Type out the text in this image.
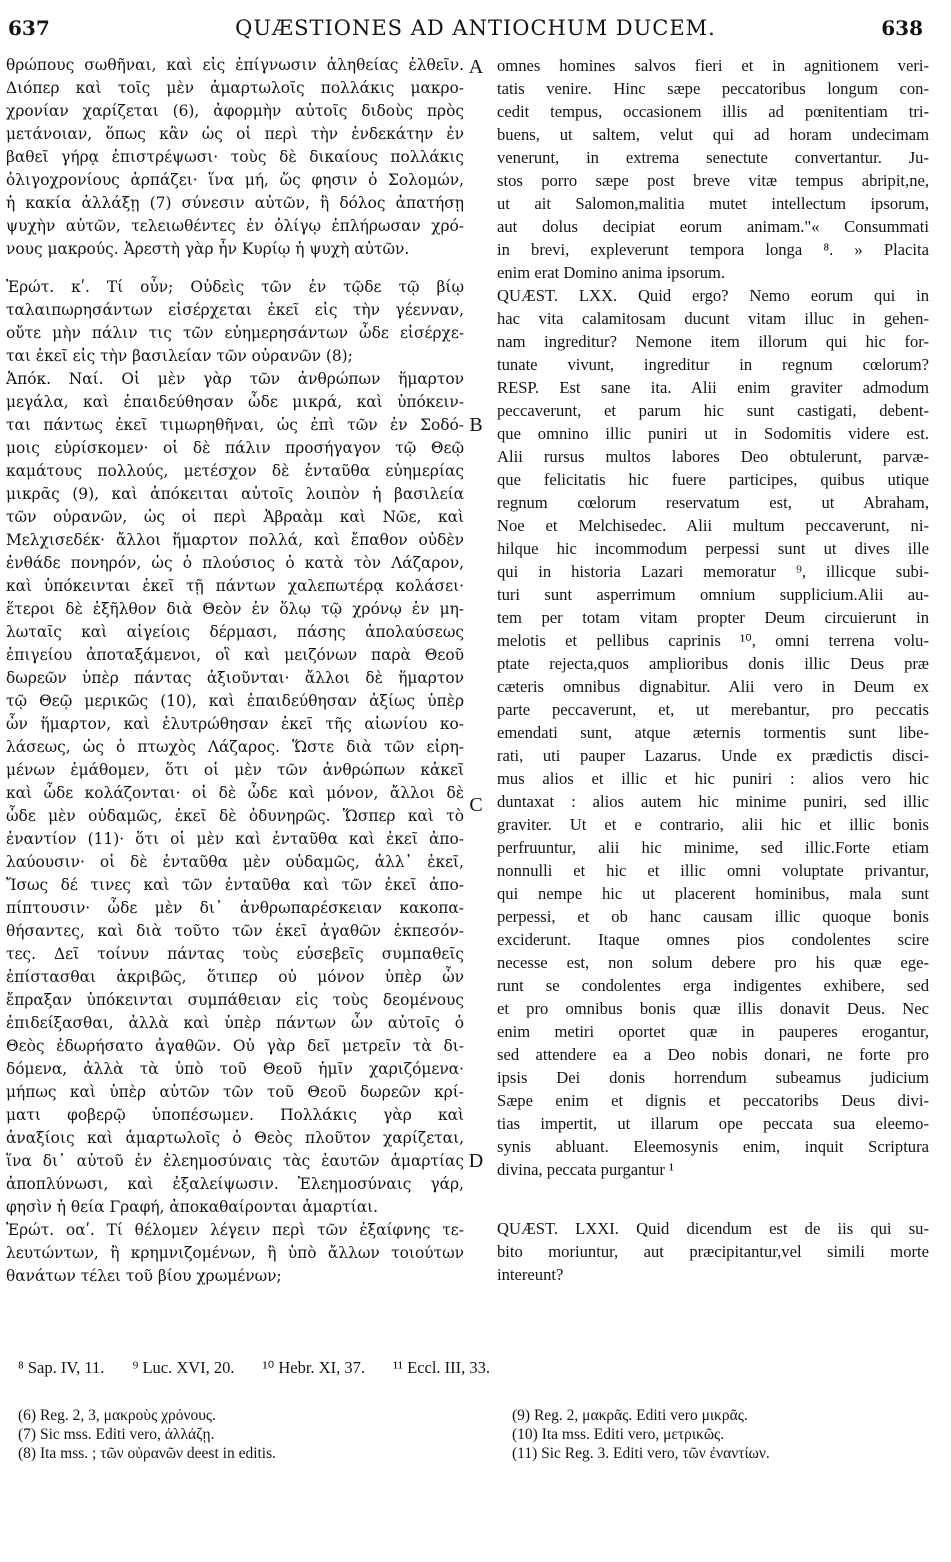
637	QUÆSTIONES AD ANTIOCHUM DUCEM.	638
θρώπους σωθῆναι, καὶ εἰς ἐπίγνωσιν ἀληθείας ἐλθεῖν.
Διόπερ καὶ τοῖς μὲν ἁμαρτωλοῖς πολλάκις μακρο-
χρονίαν χαρίζεται (6), ἀφορμὴν αὐτοῖς διδοὺς πρὸς
μετάνοιαν, ὅπως κἂν ὡς οἱ περὶ τὴν ἑνδεκάτην ἐν
βαθεῖ γήρᾳ ἐπιστρέψωσι· τοὺς δὲ δικαίους πολλάκις
ὀλιγοχρονίους ἁρπάζει· ἵνα μή, ὥς φησιν ὁ Σολομών,
ἡ κακία ἀλλάξῃ (7) σύνεσιν αὐτῶν, ἢ δόλος ἀπατήσῃ
ψυχὴν αὐτῶν, τελειωθέντες ἐν ὀλίγῳ ἐπλήρωσαν χρό-
νους μακρούς. Ἀρεστὴ γὰρ ἦν Κυρίῳ ἡ ψυχὴ αὐτῶν.
Ἐρώτ. κʹ. Τί οὖν; Οὐδεὶς τῶν ἐν τῷδε τῷ βίῳ
ταλαιπωρησάντων εἰσέρχεται ἐκεῖ εἰς τὴν γέενναν,
οὔτε μὴν πάλιν τις τῶν εὐημερησάντων ὧδε εἰσέρχε-
ται ἐκεῖ εἰς τὴν βασιλείαν τῶν οὐρανῶν (8);
Ἀπόκ. Ναί. Οἱ μὲν γὰρ τῶν ἀνθρώπων ἥμαρτον
μεγάλα, καὶ ἐπαιδεύθησαν ὧδε μικρά, καὶ ὑπόκειν-
ται πάντως ἐκεῖ τιμωρηθῆναι, ὡς ἐπὶ τῶν ἐν Σοδό-
μοις εὑρίσκομεν· οἱ δὲ πάλιν προσήγαγον τῷ Θεῷ
καμάτους πολλούς, μετέσχον δὲ ἐνταῦθα εὐημερίας
μικρᾶς (9), καὶ ἀπόκειται αὐτοῖς λοιπὸν ἡ βασιλεία
τῶν οὐρανῶν, ὡς οἱ περὶ Ἀβραὰμ καὶ Νῶε, καὶ
Μελχισεδέκ· ἄλλοι ἥμαρτον πολλά, καὶ ἔπαθον οὐδὲν
ἐνθάδε πονηρόν, ὡς ὁ πλούσιος ὁ κατὰ τὸν Λάζαρον,
καὶ ὑπόκεινται ἐκεῖ τῇ πάντων χαλεπωτέρᾳ κολάσει·
ἕτεροι δὲ ἐξῆλθον διὰ Θεὸν ἐν ὅλῳ τῷ χρόνῳ ἐν μη-
λωταῖς καὶ αἰγείοις δέρμασι, πάσης ἀπολαύσεως
ἐπιγείου ἀποταξάμενοι, οἳ καὶ μειζόνων παρὰ Θεοῦ
δωρεῶν ὑπὲρ πάντας ἀξιοῦνται· ἄλλοι δὲ ἥμαρτον
τῷ Θεῷ μερικῶς (10), καὶ ἐπαιδεύθησαν ἀξίως ὑπὲρ
ὧν ἥμαρτον, καὶ ἐλυτρώθησαν ἐκεῖ τῆς αἰωνίου κο-
λάσεως, ὡς ὁ πτωχὸς Λάζαρος. Ὥστε διὰ τῶν εἰρη-
μένων ἐμάθομεν, ὅτι οἱ μὲν τῶν ἀνθρώπων κἀκεῖ
καὶ ὧδε κολάζονται· οἱ δὲ ὧδε καὶ μόνον, ἄλλοι δὲ
ὧδε μὲν οὐδαμῶς, ἐκεῖ δὲ ὀδυνηρῶς. Ὥσπερ καὶ τὸ
ἐναντίον (11)· ὅτι οἱ μὲν καὶ ἐνταῦθα καὶ ἐκεῖ ἀπο-
λαύουσιν· οἱ δὲ ἐνταῦθα μὲν οὐδαμῶς, ἀλλ᾽ ἐκεῖ,
Ἴσως δέ τινες καὶ τῶν ἐνταῦθα καὶ τῶν ἐκεῖ ἀπο-
πίπτουσιν· ὧδε μὲν δι᾽ ἀνθρωπαρέσκειαν κακοπα-
θήσαντες, καὶ διὰ τοῦτο τῶν ἐκεῖ ἀγαθῶν ἐκπεσόν-
τες. Δεῖ τοίνυν πάντας τοὺς εὐσεβεῖς συμπαθεῖς
ἐπίστασθαι ἀκριβῶς, ὅτιπερ οὐ μόνον ὑπὲρ ὧν
ἔπραξαν ὑπόκεινται συμπάθειαν εἰς τοὺς δεομένους
ἐπιδείξασθαι, ἀλλὰ καὶ ὑπὲρ πάντων ὧν αὐτοῖς ὁ
Θεὸς ἐδωρήσατο ἀγαθῶν. Οὐ γὰρ δεῖ μετρεῖν τὰ δι-
δόμενα, ἀλλὰ τὰ ὑπὸ τοῦ Θεοῦ ἡμῖν χαριζόμενα·
μήπως καὶ ὑπὲρ αὐτῶν τῶν τοῦ Θεοῦ δωρεῶν κρί-
ματι φοβερῷ ὑποπέσωμεν. Πολλάκις γὰρ καὶ
ἀναξίοις καὶ ἁμαρτωλοῖς ὁ Θεὸς πλοῦτον χαρίζεται,
ἵνα δι᾽ αὐτοῦ ἐν ἐλεημοσύναις τὰς ἑαυτῶν ἁμαρτίας
ἀποπλύνωσι, καὶ ἐξαλείψωσιν. Ἐλεημοσύναις γάρ,
φησὶν ἡ θεία Γραφή, ἀποκαθαίρονται ἁμαρτίαι.
Ἐρώτ. οαʹ. Τί θέλομεν λέγειν περὶ τῶν ἐξαίφνης τε-
λευτώντων, ἢ κρημνιζομένων, ἢ ὑπὸ ἄλλων τοιούτων
θανάτων τέλει τοῦ βίου χρωμένων;
omnes homines salvos fieri et in agnitionem veri-
tatis venire. Hinc sæpe peccatoribus longum con-
cedit tempus, occasionem illis ad pœnitentiam tri-
buens, ut saltem, velut qui ad horam undecimam
venerunt, in extrema senectute convertantur. Ju-
stos porro sæpe post breve vitæ tempus abripit,ne,
ut ait Salomon,malitia mutet intellectum ipsorum,
aut dolus decipiat eorum animam."« Consummati
in brevi, expleverunt tempora longa ⁸. » Placita
enim erat Domino anima ipsorum.
QUÆST. LXX. Quid ergo? Nemo eorum qui in
hac vita calamitosam ducunt vitam illuc in gehen-
nam ingreditur? Nemone item illorum qui hic for-
tunate vivunt, ingreditur in regnum cœlorum?
RESP. Est sane ita. Alii enim graviter admodum
peccaverunt, et parum hic sunt castigati, debent-
que omnino illic puniri ut in Sodomitis videre est.
Alii rursus multos labores Deo obtulerunt, parvæ-
que felicitatis hic fuere participes, quibus utique
regnum cœlorum reservatum est, ut Abraham,
Noe et Melchisedec. Alii multum peccaverunt, ni-
hilque hic incommodum perpessi sunt ut dives ille
qui in historia Lazari memoratur ⁹, illicque subi-
turi sunt asperrimum omnium supplicium.Alii au-
tem per totam vitam propter Deum circuierunt in
melotis et pellibus caprinis ¹⁰, omni terrena volu-
ptate rejecta,quos amplioribus donis illic Deus præ
cæteris omnibus dignabitur. Alii vero in Deum ex
parte peccaverunt, et, ut merebantur, pro peccatis
emendati sunt, atque æternis tormentis sunt libe-
rati, uti pauper Lazarus. Unde ex prædictis disci-
mus alios et illic et hic puniri : alios vero hic
duntaxat : alios autem hic minime puniri, sed illic
graviter. Ut et e contrario, alii hic et illic bonis
perfruuntur, alii hic minime, sed illic.Forte etiam
nonnulli et hic et illic omni voluptate privantur,
qui nempe hic ut placerent hominibus, mala sunt
perpessi, et ob hanc causam illic quoque bonis
exciderunt. Itaque omnes pios condolentes scire
necesse est, non solum debere pro his quæ ege-
runt se condolentes erga indigentes exhibere, sed
et pro omnibus bonis quæ illis donavit Deus. Nec
enim metiri oportet quæ in pauperes erogantur,
sed attendere ea a Deo nobis donari, ne forte pro
ipsis Dei donis horrendum subeamus judicium
Sæpe enim et dignis et peccatoribs Deus divi-
tias impertit, ut illarum ope peccata sua eleemo-
synis abluant. Eleemosynis enim, inquit Scriptura
divina, peccata purgantur ¹
QUÆST. LXXI. Quid dicendum est de iis qui su-
bito moriuntur, aut præcipitantur,vel simili morte
intereunt?
A
B
C
D
⁸ Sap. IV, 11. ⁹ Luc. XVI, 20. ¹⁰ Hebr. XI, 37. ¹¹ Eccl. III, 33.
(6) Reg. 2, 3, μακροὺς χρόνους.
(7) Sic mss. Editi vero, ἀλλάζῃ.
(8) Ita mss. ; τῶν οὐρανῶν deest in editis.
(9) Reg. 2, μακρᾶς. Editi vero μικρᾶς.
(10) Ita mss. Editi vero, μετρικῶς.
(11) Sic Reg. 3. Editi vero, τῶν ἐναντίων.
